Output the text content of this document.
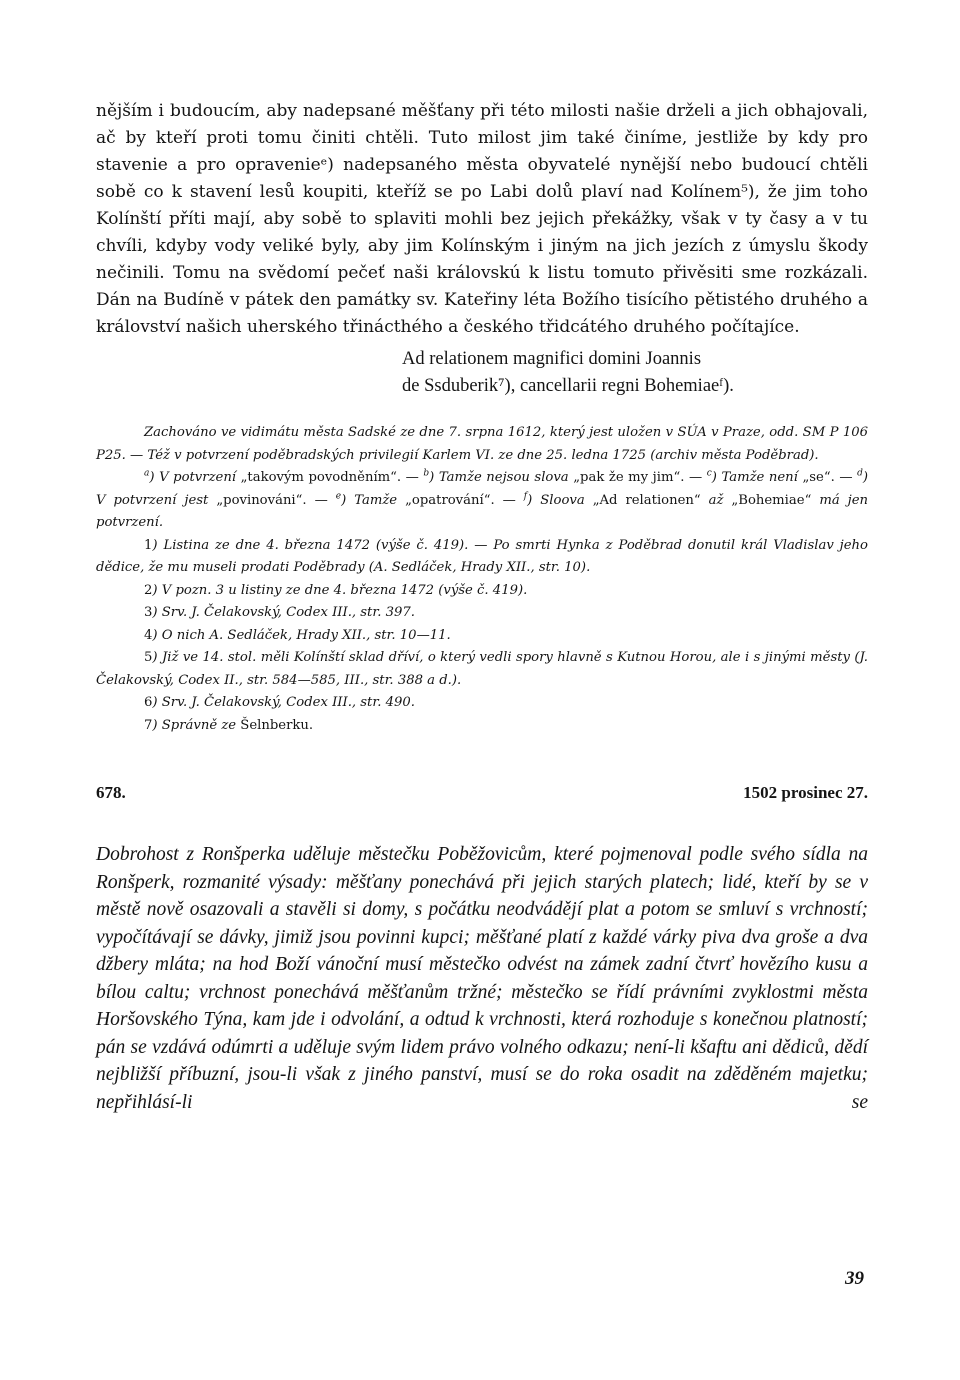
nějším i budoucím, aby nadepsané měšťany při této milosti našie drželi a jich obhajovali, ač by kteří proti tomu činiti chtěli. Tuto milost jim také činíme, jestliže by kdy pro stavenie a pro opravenieᵉ) nadepsaného města obyvatelé nynější nebo budoucí chtěli sobě co k stavení lesů koupiti, kteříž se po Labi dolů plaví nad Kolínem⁵), že jim toho Kolínští příti mají, aby sobě to splaviti mohli bez jejich překážky, však v ty časy a v tu chvíli, kdyby vody veliké byly, aby jim Kolínským i jiným na jich jezích z úmyslu škody nečinili. Tomu na svědomí pečeť naši královskú k listu tomuto přivěsiti sme rozkázali. Dán na Budíně v pátek den památky sv. Kateřiny léta Božího tisícího pětistého druhého a království našich uherského třinácthého a českého třidcátého druhého počítajíce.

Ad relationem magnifici domini Joannis
de Ssduberik⁷), cancellarii regni Bohemiaeᶠ).

Zachováno ve vidimátu města Sadské ze dne 7. srpna 1612, který jest uložen v SÚA v Praze, odd. SM P 106 P25. — Též v potvrzení poděbradských privilegií Karlem VI. ze dne 25. ledna 1725 (archiv města Poděbrad).

$^a$) V potvrzení „takovým povodněním“. — $^b$) Tamže nejsou slova „pak že my jim“. — $^c$) Tamže není „se“. — $^d$) V potvrzení jest „povinováni“. — $^e$) Tamže „opatrování“. — $^f$) Sloova „Ad relationen“ až „Bohemiae“ má jen potvrzení.

1) Listina ze dne 4. března 1472 (výše č. 419). — Po smrti Hynka z Poděbrad donutil král Vladislav jeho dědice, že mu museli prodati Poděbrady (A. Sedláček, Hrady XII., str. 10).

2) V pozn. 3 u listiny ze dne 4. března 1472 (výše č. 419).

3) Srv. J. Čelakovský, Codex III., str. 397.

4) O nich A. Sedláček, Hrady XII., str. 10—11.

5) Již ve 14. stol. měli Kolínští sklad dříví, o který vedli spory hlavně s Kutnou Horou, ale i s jinými městy (J. Čelakovský, Codex II., str. 584—585, III., str. 388 a d.).

6) Srv. J. Čelakovský, Codex III., str. 490.

7) Správně ze Šelnberku.

678.	1502 prosinec 27.

Dobrohost z Ronšperka uděluje městečku Poběžovicům, které pojmenoval podle svého sídla na Ronšperk, rozmanité výsady: měšťany ponechává při jejich starých platech; lidé, kteří by se v městě nově osazovali a stavěli si domy, s počátku neodvádějí plat a potom se smluví s vrchností; vypočítávají se dávky, jimiž jsou povinni kupci; měšťané platí z každé várky piva dva groše a dva džbery mláta; na hod Boží vánoční musí městečko odvést na zámek zadní čtvrť hovězího kusu a bílou caltu; vrchnost ponechává měšťanům tržné; městečko se řídí právními zvyklostmi města Horšovského Týna, kam jde i odvolání, a odtud k vrchnosti, která rozhoduje s konečnou platností; pán se vzdává odúmrti a uděluje svým lidem právo volného odkazu; není-li kšaftu ani dědiců, dědí nejbližší příbuzní, jsou-li však z jiného panství, musí se do roka osadit na zděděném majetku; nepřihlásí-li se

39
